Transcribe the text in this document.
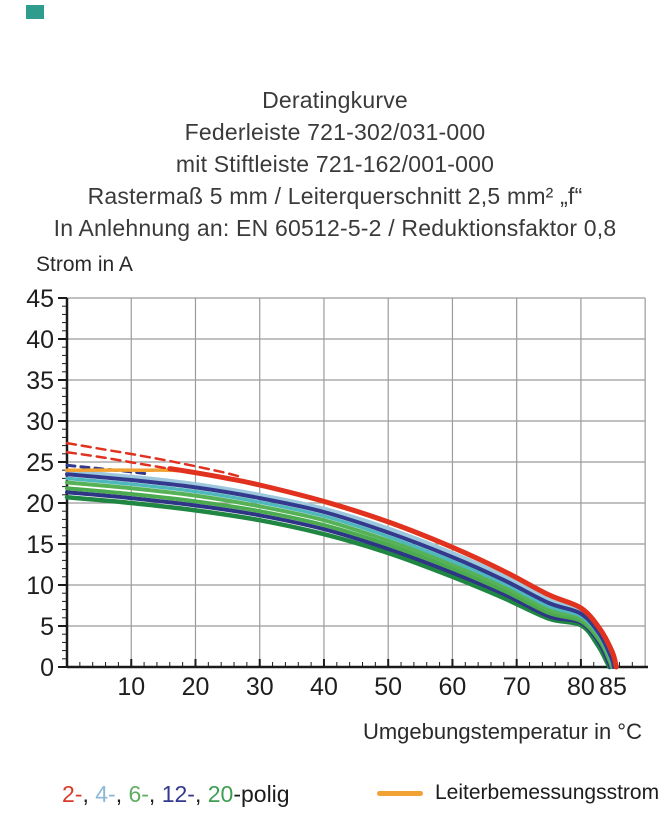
Deratingkurve
Federleiste 721-302/031-000
mit Stiftleiste 721-162/001-000
Rastermaß 5 mm / Leiterquerschnitt 2,5 mm² „f“
In Anlehnung an: EN 60512-5-2 / Reduktionsfaktor 0,8
Strom in A
0
5
10
15
20
25
30
35
40
45
10 20 30 40 50 60 70 80 85
Umgebungstemperatur in °C
2-, 4-, 6-, 12-, 20-polig	Leiterbemessungsstrom
